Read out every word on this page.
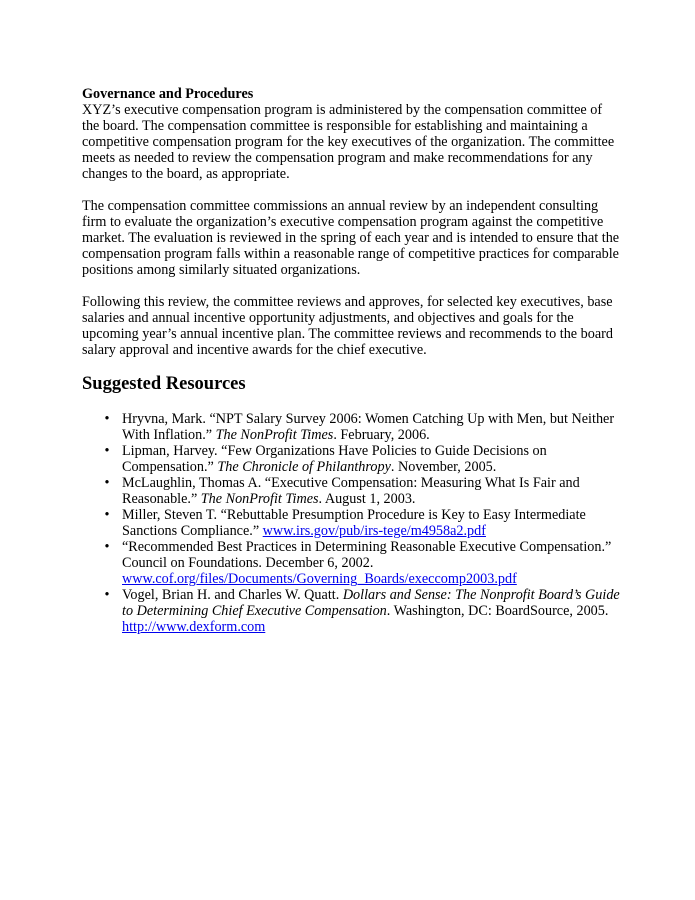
Governance and Procedures

XYZ’s executive compensation program is administered by the compensation committee of the board. The compensation committee is responsible for establishing and maintaining a competitive compensation program for the key executives of the organization. The committee meets as needed to review the compensation program and make recommendations for any changes to the board, as appropriate.

The compensation committee commissions an annual review by an independent consulting firm to evaluate the organization’s executive compensation program against the competitive market. The evaluation is reviewed in the spring of each year and is intended to ensure that the compensation program falls within a reasonable range of competitive practices for comparable positions among similarly situated organizations.

Following this review, the committee reviews and approves, for selected key executives, base salaries and annual incentive opportunity adjustments, and objectives and goals for the upcoming year’s annual incentive plan. The committee reviews and recommends to the board salary approval and incentive awards for the chief executive.

Suggested Resources
• Hryvna, Mark. “NPT Salary Survey 2006: Women Catching Up with Men, but Neither With Inflation.” The NonProfit Times. February, 2006.
• Lipman, Harvey. “Few Organizations Have Policies to Guide Decisions on Compensation.” The Chronicle of Philanthropy. November, 2005.
• McLaughlin, Thomas A. “Executive Compensation: Measuring What Is Fair and Reasonable.” The NonProfit Times. August 1, 2003.
• Miller, Steven T. “Rebuttable Presumption Procedure is Key to Easy Intermediate Sanctions Compliance.” www.irs.gov/pub/irs-tege/m4958a2.pdf
• “Recommended Best Practices in Determining Reasonable Executive Compensation.” Council on Foundations. December 6, 2002. www.cof.org/files/Documents/Governing_Boards/execcomp2003.pdf
• Vogel, Brian H. and Charles W. Quatt. Dollars and Sense: The Nonprofit Board’s Guide to Determining Chief Executive Compensation. Washington, DC: BoardSource, 2005. http://www.dexform.com
